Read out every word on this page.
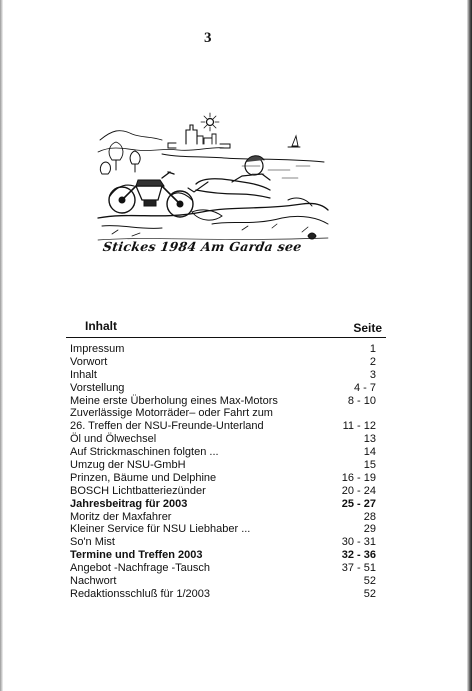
3
Stickes 1984 Am Garda see
Inhalt	Seite
Impressum	1
Vorwort	2
Inhalt	3
Vorstellung	4 - 7
Meine erste Überholung eines Max-Motors	8 - 10
Zuverlässige Motorräder– oder Fahrt zum
26. Treffen der NSU-Freunde-Unterland	11 - 12
Öl und Ölwechsel	13
Auf Strickmaschinen folgten ...	14
Umzug der NSU-GmbH	15
Prinzen, Bäume und Delphine	16 - 19
BOSCH Lichtbatteriezünder	20 - 24
Jahresbeitrag für 2003	25 - 27
Moritz der Maxfahrer	28
Kleiner Service für NSU Liebhaber ...	29
So'n Mist	30 - 31
Termine und Treffen 2003	32 - 36
Angebot -Nachfrage -Tausch	37 - 51
Nachwort	52
Redaktionsschluß für 1/2003	52
